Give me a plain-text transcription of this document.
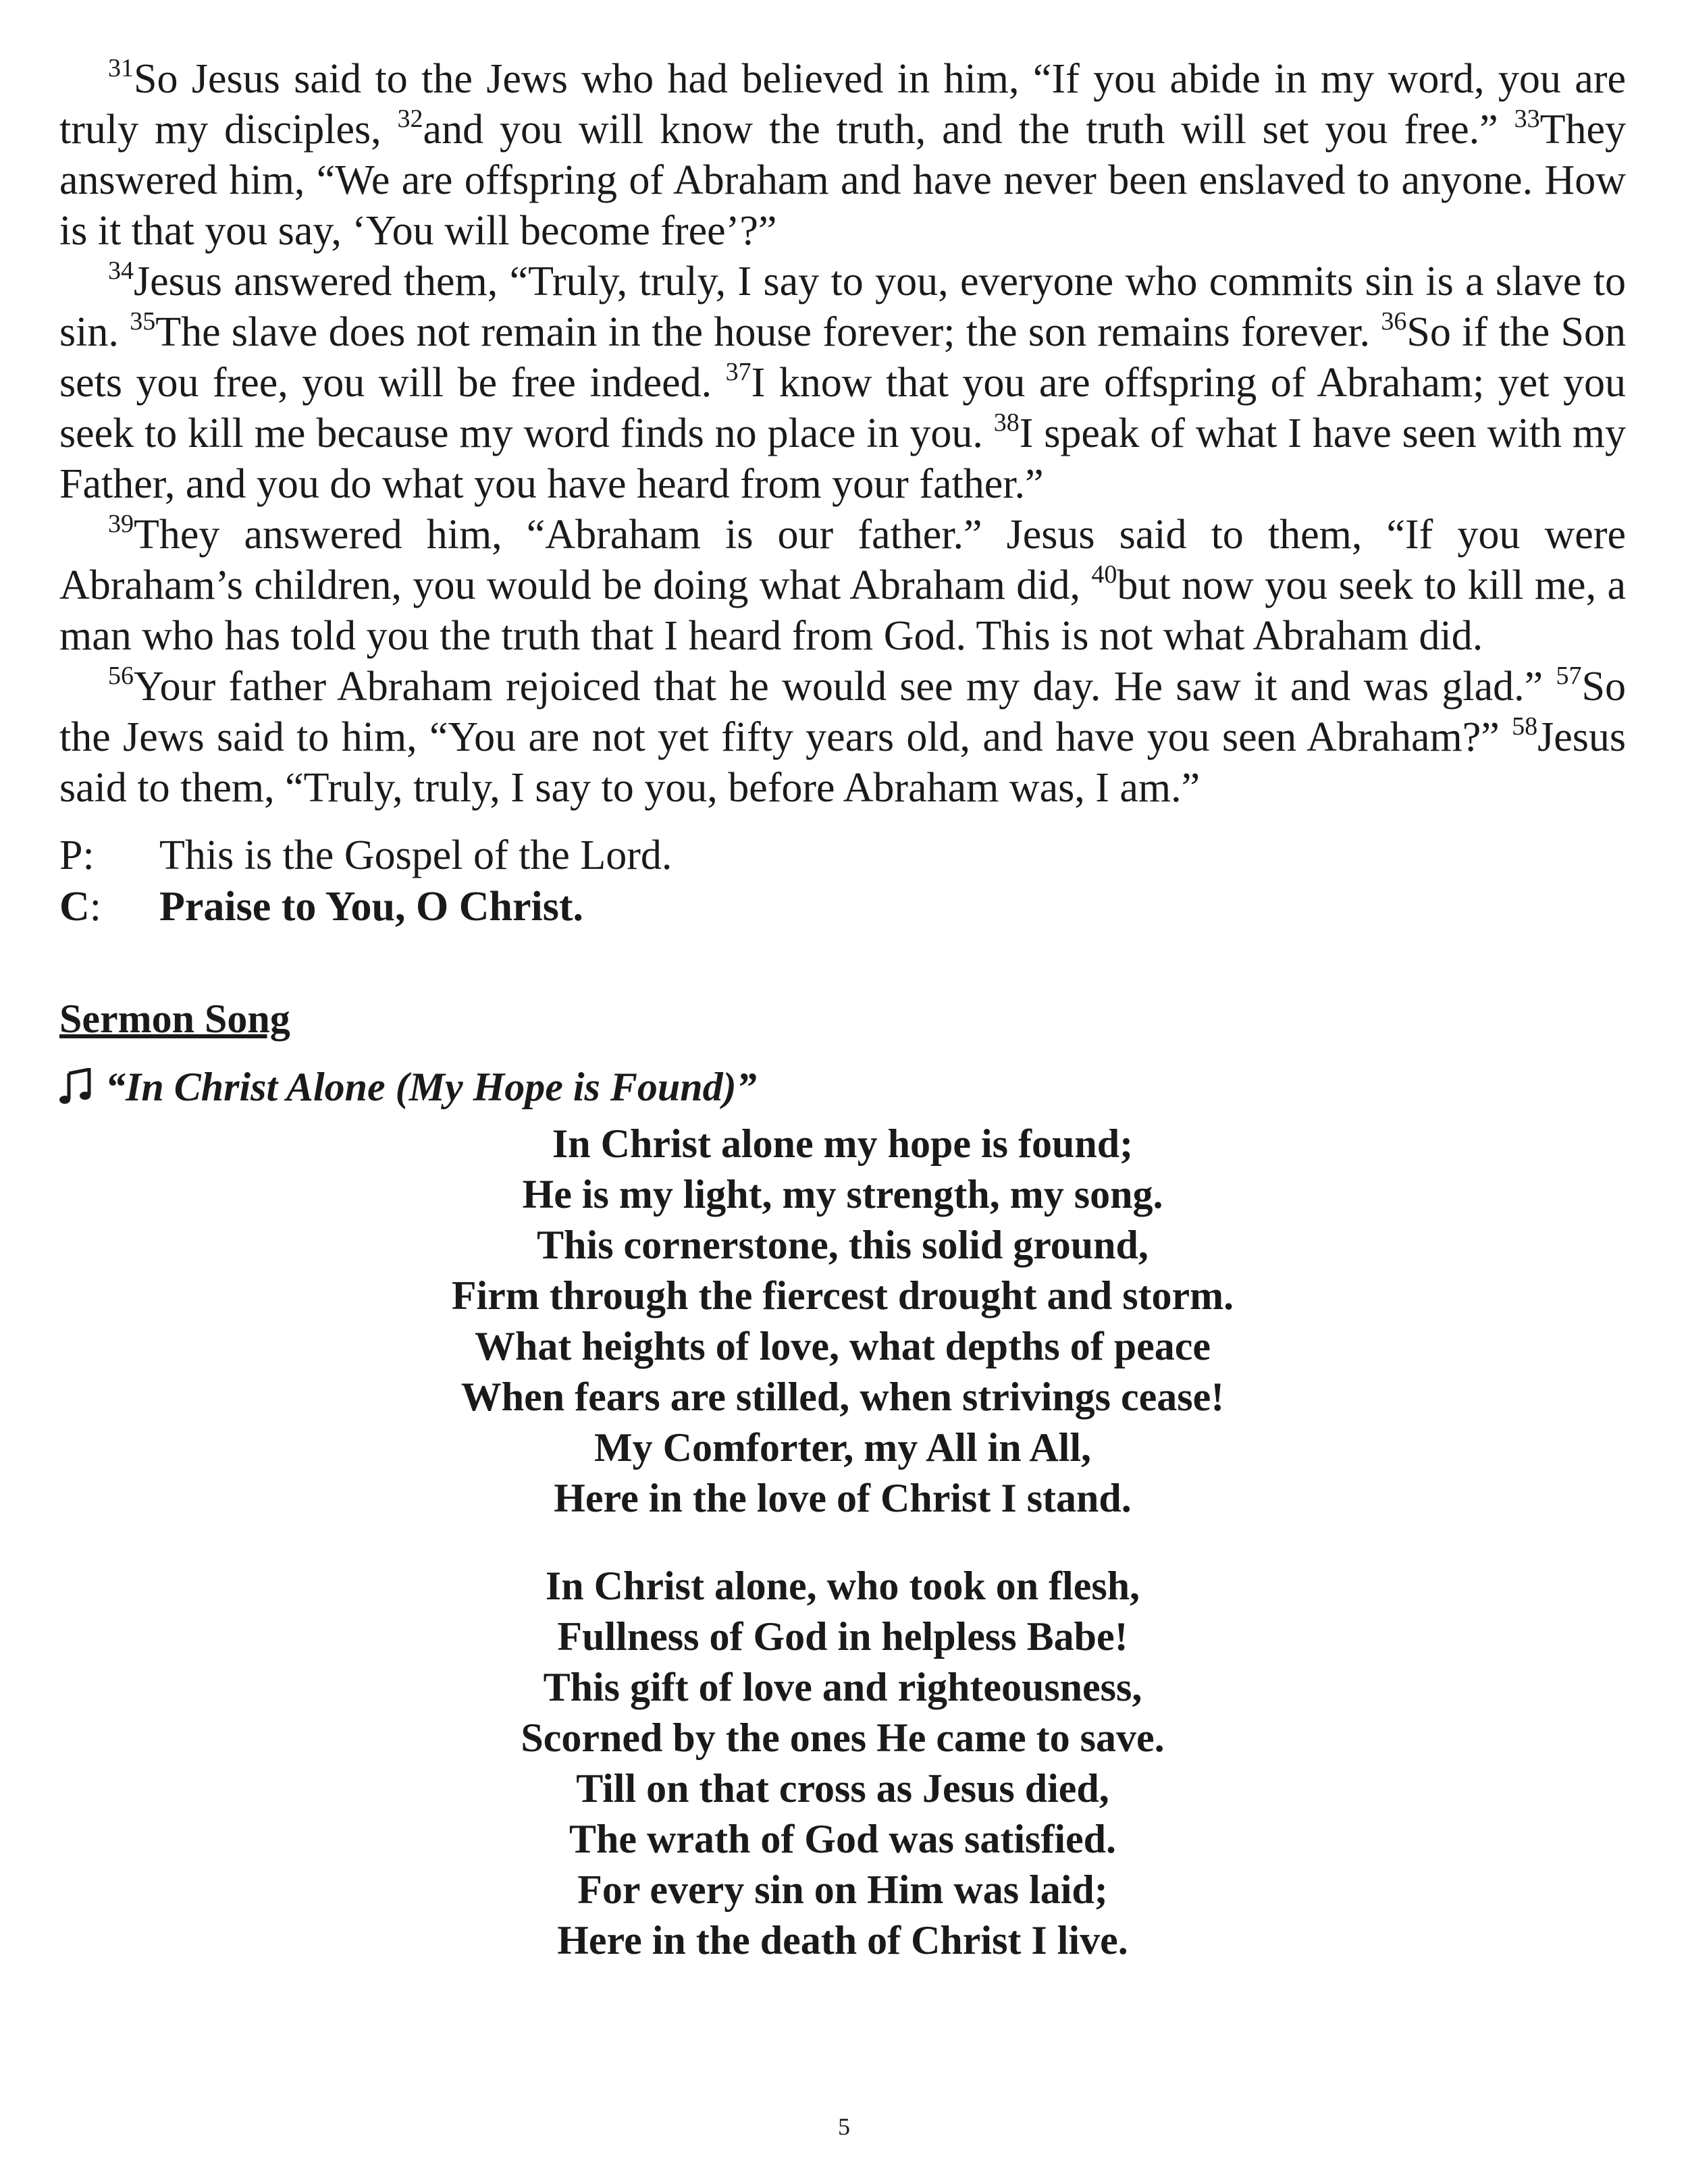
$^{31}$So Jesus said to the Jews who had believed in him, “If you abide in my word, you are truly my disciples, $^{32}$and you will know the truth, and the truth will set you free.” $^{33}$They answered him, “We are offspring of Abraham and have never been enslaved to anyone. How is it that you say, ‘You will become free’?”

$^{34}$Jesus answered them, “Truly, truly, I say to you, everyone who commits sin is a slave to sin. $^{35}$The slave does not remain in the house forever; the son remains forever. $^{36}$So if the Son sets you free, you will be free indeed. $^{37}$I know that you are offspring of Abraham; yet you seek to kill me because my word finds no place in you. $^{38}$I speak of what I have seen with my Father, and you do what you have heard from your father.”

$^{39}$They answered him, “Abraham is our father.” Jesus said to them, “If you were Abraham’s children, you would be doing what Abraham did, $^{40}$but now you seek to kill me, a man who has told you the truth that I heard from God. This is not what Abraham did.

$^{56}$Your father Abraham rejoiced that he would see my day. He saw it and was glad.” $^{57}$So the Jews said to him, “You are not yet fifty years old, and have you seen Abraham?” $^{58}$Jesus said to them, “Truly, truly, I say to you, before Abraham was, I am.”

P:	This is the Gospel of the Lord.
C:	Praise to You, O Christ.
Sermon Song
“In Christ Alone (My Hope is Found)”
In Christ alone my hope is found;
He is my light, my strength, my song.
This cornerstone, this solid ground,
Firm through the fiercest drought and storm.
What heights of love, what depths of peace
When fears are stilled, when strivings cease!
My Comforter, my All in All,
Here in the love of Christ I stand.
In Christ alone, who took on flesh,
Fullness of God in helpless Babe!
This gift of love and righteousness,
Scorned by the ones He came to save.
Till on that cross as Jesus died,
The wrath of God was satisfied.
For every sin on Him was laid;
Here in the death of Christ I live.
5
